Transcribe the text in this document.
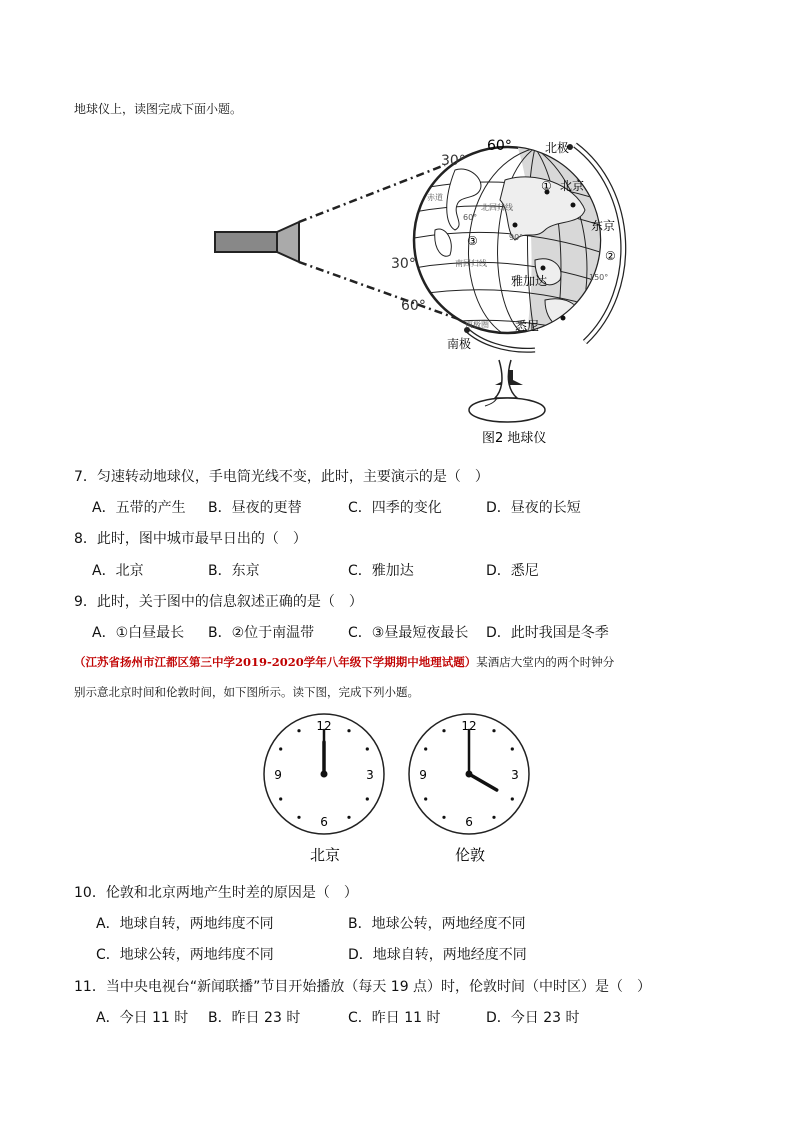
地球仪上，读图完成下面小题。
60°
30°
30°
60°
北极
南极
① 北京
东京
②
③
雅加达
悉尼
赤道
北回归线
南回归线
南极圈
60°
90°
150°
图2 地球仪
7．匀速转动地球仪，手电筒光线不变，此时，主要演示的是（　）
A．五带的产生 B．昼夜的更替	C．四季的变化	D．昼夜的长短
8．此时，图中城市最早日出的（　）
A．北京	B．东京	C．雅加达	D．悉尼
9．此时，关于图中的信息叙述正确的是（　）
A．①白昼最长 B．②位于南温带 C．③昼最短夜最长 D．此时我国是冬季
（江苏省扬州市江都区第三中学2019-2020学年八年级下学期期中地理试题）某酒店大堂内的两个时钟分
别示意北京时间和伦敦时间，如下图所示。读下图，完成下列小题。
12
3
6
9
12
3
6
9
北京	伦敦
10．伦敦和北京两地产生时差的原因是（　）
A．地球自转，两地纬度不同	B．地球公转，两地经度不同
C．地球公转，两地纬度不同	D．地球自转，两地经度不同
11．当中央电视台“新闻联播”节目开始播放（每天 19 点）时，伦敦时间（中时区）是（　）
A．今日 11 时 B．昨日 23 时	C．昨日 11 时	D．今日 23 时
